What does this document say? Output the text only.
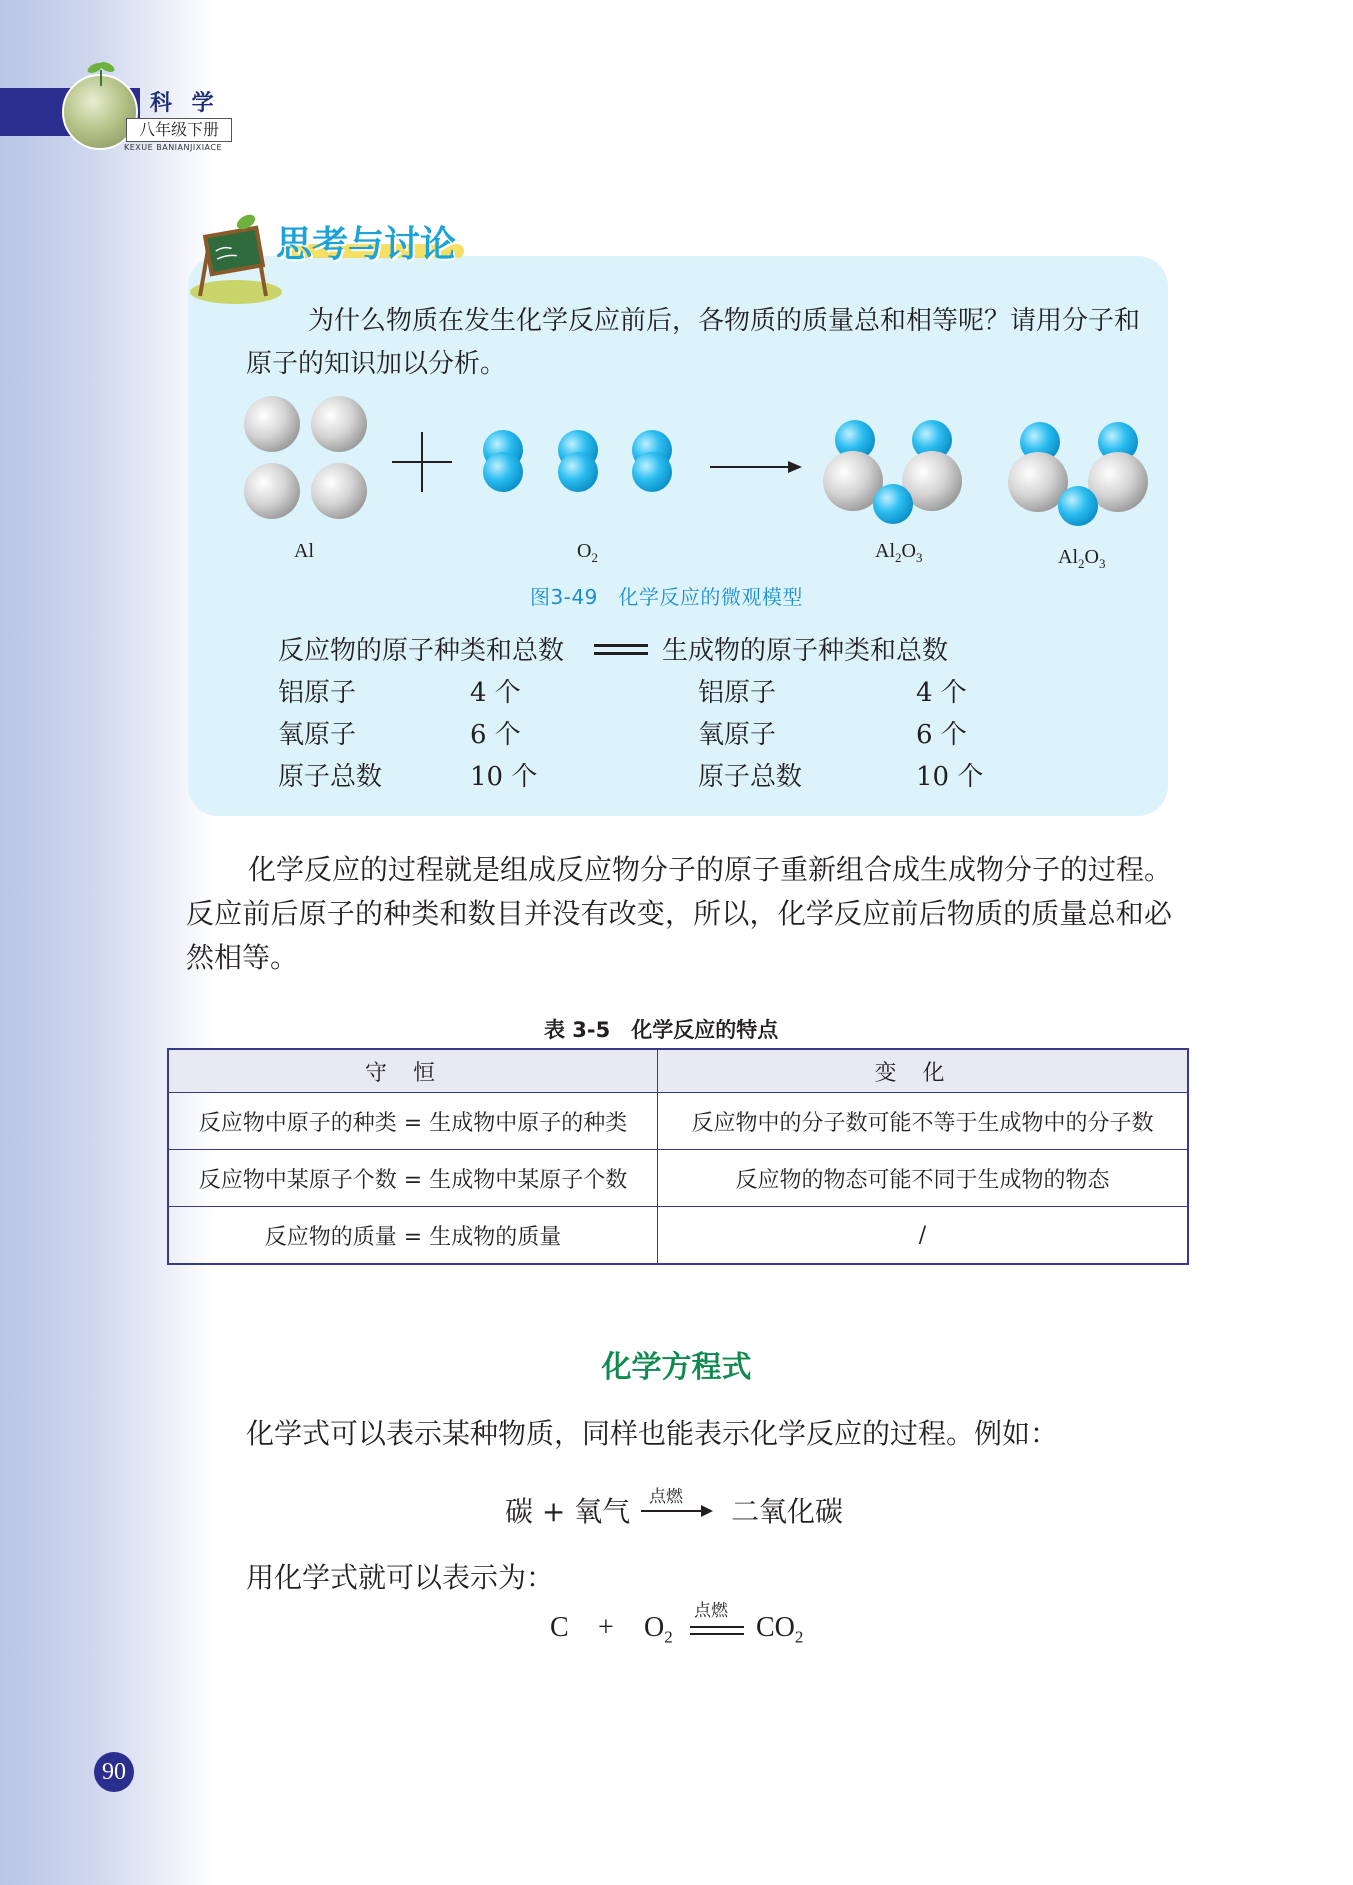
科 学
八年级下册
KEXUE BANIANJIXIACE
思考与讨论
为什么物质在发生化学反应前后，各物质的质量总和相等呢？请用分子和原子的知识加以分析。
Al	$O_2$	$Al_2O_3$	$Al_2O_3$
图3-49　化学反应的微观模型
反应物的原子种类和总数	生成物的原子种类和总数
铝原子	4 个	铝原子	4 个
氧原子	6 个	氧原子	6 个
原子总数	10 个	原子总数	10 个
化学反应的过程就是组成反应物分子的原子重新组合成生成物分子的过程。反应前后原子的种类和数目并没有改变，所以，化学反应前后物质的质量总和必然相等。
表 3-5　化学反应的特点
守恒	变化
反应物中原子的种类 = 生成物中原子的种类	反应物中的分子数可能不等于生成物中的分子数
反应物中某原子个数 = 生成物中某原子个数	反应物的物态可能不同于生成物的物态
反应物的质量 = 生成物的质量	/
化学方程式
化学式可以表示某种物质，同样也能表示化学反应的过程。例如：
碳 + 氧气 点燃 二氧化碳
用化学式就可以表示为：
$C + O_2$
点燃
$CO_2$
90
